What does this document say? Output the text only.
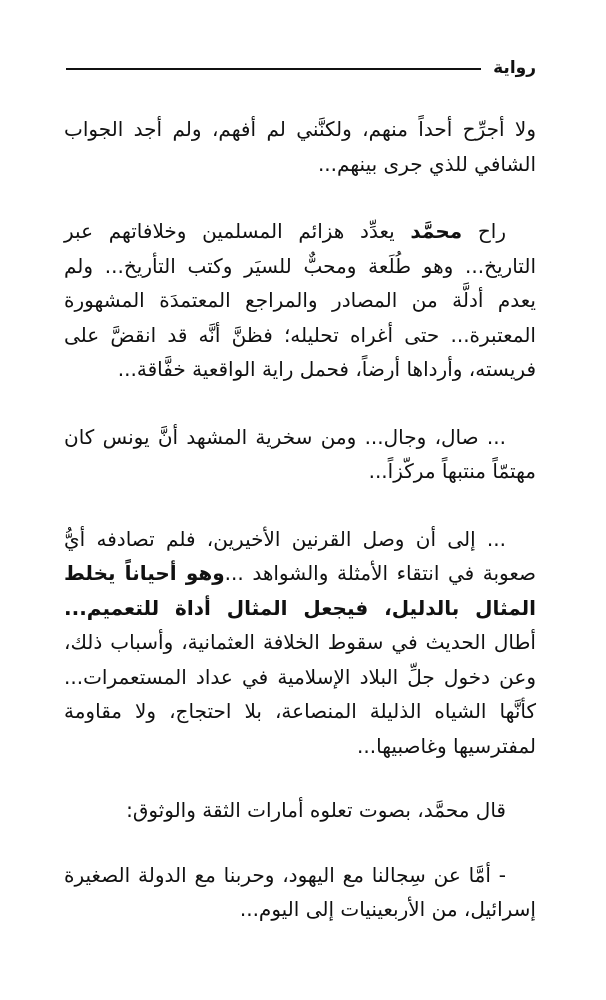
رواية

ولا أجرِّح أحداً منهم، ولكنَّني لم أفهم، ولم أجد الجواب الشافي للذي جرى بينهم...

راح محمَّد يعدِّد هزائم المسلمين وخلافاتهم عبر التاريخ... وهو طُلَعة ومحبٌّ للسيَر وكتب التأريخ... ولم يعدم أدلَّة من المصادر والمراجع المعتمدَة المشهورة المعتبرة... حتى أغراه تحليله؛ فظنَّ أنَّه قد انقضَّ على فريسته، وأرداها أرضاً، فحمل راية الواقعية خفَّاقة...

... صال، وجال... ومن سخرية المشهد أنَّ يونس كان مهتمّاً منتبهاً مركّزاً...

... إلى أن وصل القرنين الأخيرين، فلم تصادفه أيُّ صعوبة في انتقاء الأمثلة والشواهد ...وهو أحياناً يخلط المثال بالدليل، فيجعل المثال أداة للتعميم... أطال الحديث في سقوط الخلافة العثمانية، وأسباب ذلك، وعن دخول جلِّ البلاد الإسلامية في عداد المستعمرات... كأنَّها الشياه الذليلة المنصاعة، بلا احتجاج، ولا مقاومة لمفترسيها وغاصبيها...

قال محمَّد، بصوت تعلوه أمارات الثقة والوثوق:

- أمَّا عن سِجالنا مع اليهود، وحربنا مع الدولة الصغيرة إسرائيل، من الأربعينيات إلى اليوم...
